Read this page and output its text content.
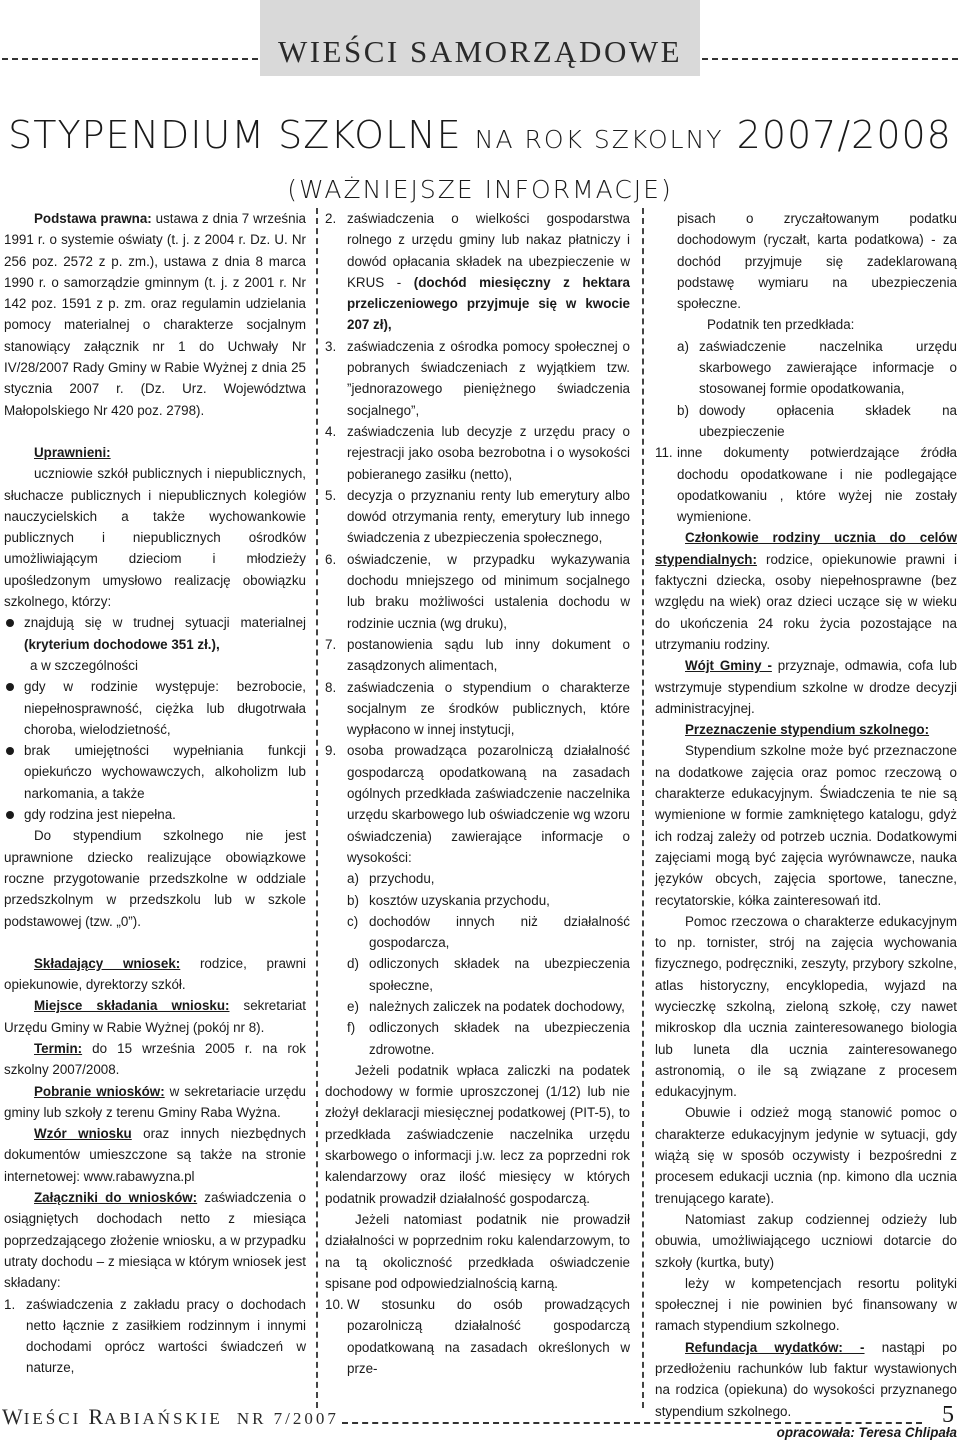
WIEŚCI SAMORZĄDOWE
STYPENDIUM SZKOLNE NA ROK SZKOLNY 2007/2008
(WAŻNIEJSZE INFORMACJE)

Podstawa prawna: ustawa z dnia 7 września 1991 r. o systemie oświaty (t. j. z 2004 r. Dz. U. Nr 256 poz. 2572 z p. zm.), ustawa z dnia 8 marca 1990 r. o samorządzie gminnym (t. j. z 2001 r. Nr 142 poz. 1591 z p. zm. oraz regulamin udzielania pomocy materialnej o charakterze socjalnym stanowiący załącznik nr 1 do Uchwały Nr IV/28/2007 Rady Gminy w Rabie Wyżnej z dnia 25 stycznia 2007 r. (Dz. Urz. Województwa Małopolskiego Nr 420 poz. 2798).

Uprawnieni:

uczniowie szkół publicznych i niepublicznych, słuchacze publicznych i niepublicznych kolegiów nauczycielskich a także wychowankowie publicznych i niepublicznych ośrodków umożliwiającym dzieciom i młodzieży upośledzonym umysłowo realizację obowiązku szkolnego, którzy:

znajdują się w trudnej sytuacji materialnej (kryterium dochodowe 351 zł.),
a w szczególności
gdy w rodzinie występuje: bezrobocie, niepełnosprawność, ciężka lub długotrwała choroba, wielodzietność,
brak umiejętności wypełniania funkcji opiekuńczo wychowawczych, alkoholizm lub narkomania, a także
gdy rodzina jest niepełna.

Do stypendium szkolnego nie jest uprawnione dziecko realizujące obowiązkowe roczne przygotowanie przedszkolne w oddziale przedszkolnym w przedszkolu lub w szkole podstawowej (tzw. „0”).

Składający wniosek: rodzice, prawni opiekunowie, dyrektorzy szkół.

Miejsce składania wniosku: sekretariat Urzędu Gminy w Rabie Wyżnej (pokój nr 8).

Termin: do 15 września 2005 r. na rok szkolny 2007/2008.

Pobranie wniosków: w sekretariacie urzędu gminy lub szkoły z terenu Gminy Raba Wyżna.

Wzór wniosku oraz innych niezbędnych dokumentów umieszczone są także na stronie internetowej: www.rabawyzna.pl

Załączniki do wniosków: zaświadczenia o osiągniętych dochodach netto z miesiąca poprzedzającego złożenie wniosku, a w przypadku utraty dochodu – z miesiąca w którym wniosek jest składany:

1. zaświadczenia z zakładu pracy o dochodach netto łącznie z zasiłkiem rodzinnym i innymi dochodami oprócz wartości świadczeń w naturze,
2. zaświadczenia o wielkości gospodarstwa rolnego z urzędu gminy lub nakaz płatniczy i dowód opłacania składek na ubezpieczenie w KRUS - (dochód miesięczny z hektara przeliczeniowego przyjmuje się w kwocie 207 zł),
3. zaświadczenia z ośrodka pomocy społecznej o pobranych świadczeniach z wyjątkiem tzw. ”jednorazowego pieniężnego świadczenia socjalnego”,
4. zaświadczenia lub decyzje z urzędu pracy o rejestracji jako osoba bezrobotna i o wysokości pobieranego zasiłku (netto),
5. decyzja o przyznaniu renty lub emerytury albo dowód otrzymania renty, emerytury lub innego świadczenia z ubezpieczenia społecznego,
6. oświadczenie, w przypadku wykazywania dochodu mniejszego od minimum socjalnego lub braku możliwości ustalenia dochodu w rodzinie ucznia (wg druku),
7. postanowienia sądu lub inny dokument o zasądzonych alimentach,
8. zaświadczenia o stypendium o charakterze socjalnym ze środków publicznych, które wypłacono w innej instytucji,
9. osoba prowadząca pozarolniczą działalność gospodarczą opodatkowaną na zasadach ogólnych przedkłada zaświadczenie naczelnika urzędu skarbowego lub oświadczenie wg wzoru oświadczenia) zawierające informacje o wysokości:
a) przychodu,
b) kosztów uzyskania przychodu,
c) dochodów innych niż działalność gospodarcza,
d) odliczonych składek na ubezpieczenia społeczne,
e) należnych zaliczek na podatek dochodowy,
f) odliczonych składek na ubezpieczenia zdrowotne.

Jeżeli podatnik wpłaca zaliczki na podatek dochodowy w formie uproszczonej (1/12) lub nie złożył deklaracji miesięcznej podatkowej (PIT-5), to przedkłada zaświadczenie naczelnika urzędu skarbowego o informacji j.w. lecz za poprzedni rok kalendarzowy oraz ilość miesięcy w których podatnik prowadził działalność gospodarczą.

Jeżeli natomiast podatnik nie prowadził działalności w poprzednim roku kalendarzowym, to na tą okoliczność przedkłada oświadczenie spisane pod odpowiedzialnością karną.

10. W stosunku do osób prowadzących pozarolniczą działalność gospodarczą opodatkowaną na zasadach określonych w prze-

pisach o zryczałtowanym podatku dochodowym (ryczałt, karta podatkowa) - za dochód przyjmuje się zadeklarowaną podstawę wymiaru na ubezpieczenia społeczne.

Podatnik ten przedkłada:

a) zaświadczenie naczelnika urzędu skarbowego zawierające informacje o stosowanej formie opodatkowania,
b) dowody opłacenia składek na ubezpieczenie
11. inne dokumenty potwierdzające źródła dochodu opodatkowane i nie podlegające opodatkowaniu , które wyżej nie zostały wymienione.

Członkowie rodziny ucznia do celów stypendialnych: rodzice, opiekunowie prawni i faktyczni dziecka, osoby niepełnosprawne (bez względu na wiek) oraz dzieci uczące się w wieku do ukończenia 24 roku życia pozostające na utrzymaniu rodziny.

Wójt Gminy - przyznaje, odmawia, cofa lub wstrzymuje stypendium szkolne w drodze decyzji administracyjnej.

Przeznaczenie stypendium szkolnego:

Stypendium szkolne może być przeznaczone na dodatkowe zajęcia oraz pomoc rzeczową o charakterze edukacyjnym. Świadczenia te nie są wymienione w formie zamkniętego katalogu, gdyż ich rodzaj zależy od potrzeb ucznia. Dodatkowymi zajęciami mogą być zajęcia wyrównawcze, nauka języków obcych, zajęcia sportowe, taneczne, recytatorskie, kółka zainteresowań itd.

Pomoc rzeczowa o charakterze edukacyjnym to np. tornister, strój na zajęcia wychowania fizycznego, podręczniki, zeszyty, przybory szkolne, atlas historyczny, encyklopedia, wyjazd na wycieczkę szkolną, zieloną szkołę, czy nawet mikroskop dla ucznia zainteresowanego biologia lub luneta dla ucznia zainteresowanego astronomią, o ile są związane z procesem edukacyjnym.

Obuwie i odzież mogą stanowić pomoc o charakterze edukacyjnym jedynie w sytuacji, gdy wiążą się w sposób oczywisty i bezpośredni z procesem edukacji ucznia (np. kimono dla ucznia trenującego karate).

Natomiast zakup codziennej odzieży lub obuwia, umożliwiającego uczniowi dotarcie do szkoły (kurtka, buty)

leży w kompetencjach resortu polityki społecznej i nie powinien być finansowany w ramach stypendium szkolnego.

Refundacja wydatków: - nastąpi po przedłożeniu rachunków lub faktur wystawionych na rodzica (opiekuna) do wysokości przyznanego stypendium szkolnego.

opracowała: Teresa Chlipała

WIEŚCI RABIAŃSKIE NR 7/2007	5
